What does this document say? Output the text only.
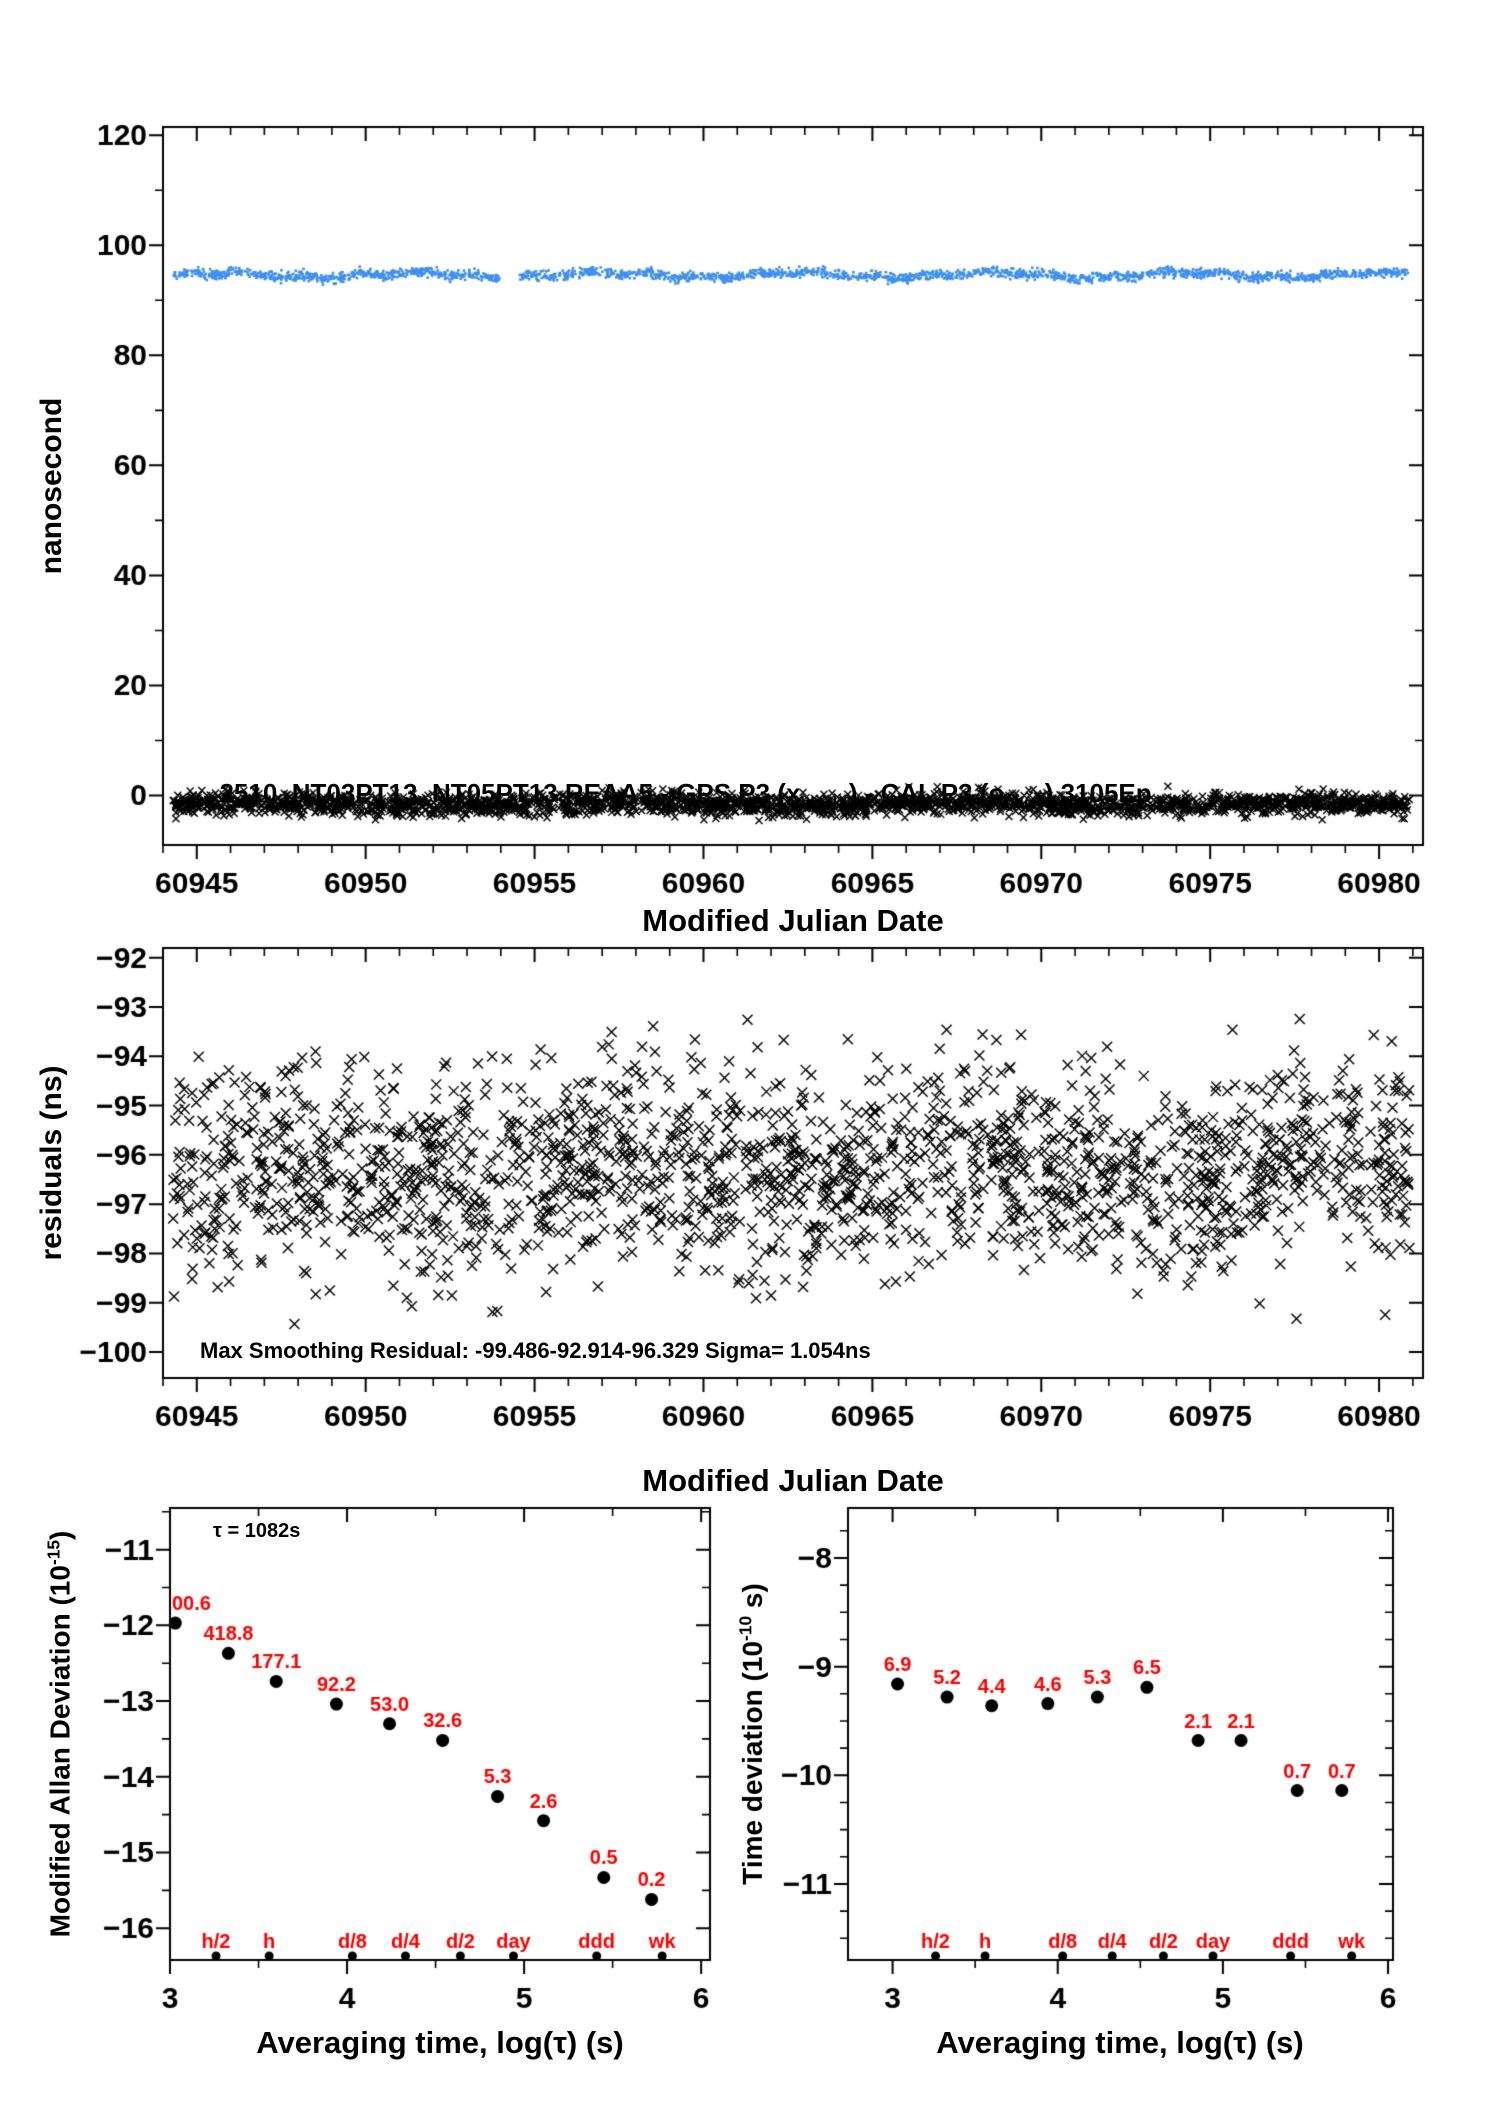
_2510_NT03PT13_NT05PT13 REAA5 - GPS P3 ($x_{black}$ ) - CAL P3 ($o_{blue}$ ) 3105Ep
nanosecond
Modified Julian Date
Max Smoothing Residual: -99.486-92.914-96.329 Sigma= 1.054ns
residuals (ns)
Modified Julian Date
τ = 1082s
Modified Allan Deviation $(10^{-15})$
Averaging time, log(τ) (s)
Time deviation ($10^{-10}$ s)
Averaging time, log(τ) (s)
